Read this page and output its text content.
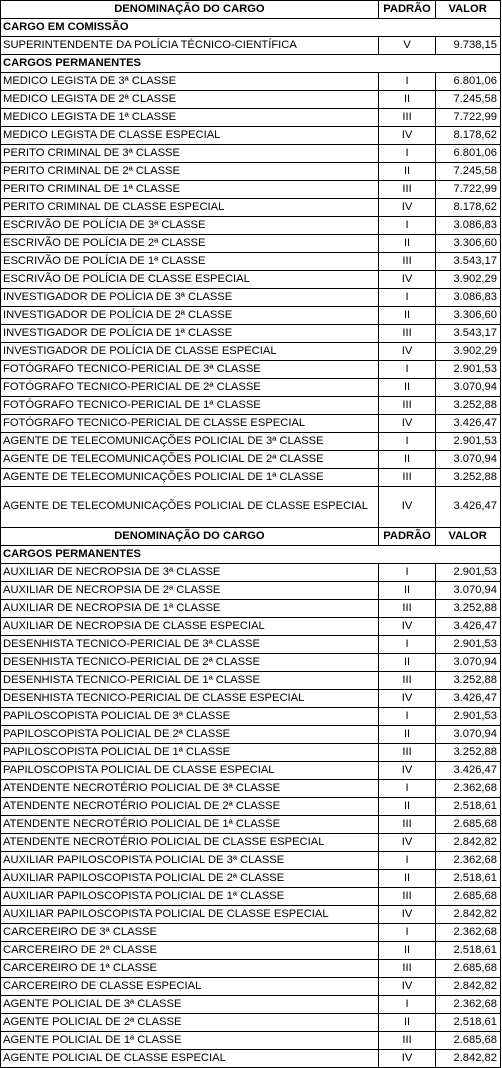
DENOMINAÇÃO DO CARGO	PADRÃO	VALOR
CARGO EM COMISSÃO		
SUPERINTENDENTE DA POLÍCIA TÉCNICO-CIENTÍFICA	V	9.738,15
CARGOS PERMANENTES		
MEDICO LEGISTA DE 3ª CLASSE	I	6.801,06
MEDICO LEGISTA DE 2ª CLASSE	II	7.245,58
MEDICO LEGISTA DE 1ª CLASSE	III	7.722,99
MEDICO LEGISTA DE CLASSE ESPECIAL	IV	8.178,62
PERITO CRIMINAL DE 3ª CLASSE	I	6.801,06
PERITO CRIMINAL DE 2ª CLASSE	II	7.245,58
PERITO CRIMINAL DE 1ª CLASSE	III	7.722,99
PERITO CRIMINAL DE CLASSE ESPECIAL	IV	8.178,62
ESCRIVÃO DE POLÍCIA DE 3ª CLASSE	I	3.086,83
ESCRIVÃO DE POLÍCIA DE 2ª CLASSE	II	3.306,60
ESCRIVÃO DE POLÍCIA DE 1ª CLASSE	III	3.543,17
ESCRIVÃO DE POLÍCIA DE CLASSE ESPECIAL	IV	3.902,29
INVESTIGADOR DE POLÍCIA DE 3ª CLASSE	I	3.086,83
INVESTIGADOR DE POLÍCIA DE 2ª CLASSE	II	3.306,60
INVESTIGADOR DE POLÍCIA DE 1ª CLASSE	III	3.543,17
INVESTIGADOR DE POLÍCIA DE CLASSE ESPECIAL	IV	3.902,29
FOTÓGRAFO TECNICO-PERICIAL DE 3ª CLASSE	I	2.901,53
FOTÓGRAFO TECNICO-PERICIAL DE 2ª CLASSE	II	3.070,94
FOTÓGRAFO TECNICO-PERICIAL DE 1ª CLASSE	III	3.252,88
FOTÓGRAFO TECNICO-PERICIAL DE CLASSE ESPECIAL	IV	3.426,47
AGENTE DE TELECOMUNICAÇÕES POLICIAL DE 3ª CLASSE	I	2.901,53
AGENTE DE TELECOMUNICAÇÕES POLICIAL DE 2ª CLASSE	II	3.070,94
AGENTE DE TELECOMUNICAÇÕES POLICIAL DE 1ª CLASSE	III	3.252,88
AGENTE DE TELECOMUNICAÇÕES POLICIAL DE CLASSE ESPECIAL	IV	3.426,47
DENOMINAÇÃO DO CARGO	PADRÃO	VALOR
CARGOS PERMANENTES		
AUXILIAR DE NECROPSIA DE 3ª CLASSE	I	2.901,53
AUXILIAR DE NECROPSIA DE 2ª CLASSE	II	3.070,94
AUXILIAR DE NECROPSIA DE 1ª CLASSE	III	3.252,88
AUXILIAR DE NECROPSIA DE CLASSE ESPECIAL	IV	3.426,47
DESENHISTA TECNICO-PERICIAL DE 3ª CLASSE	I	2.901,53
DESENHISTA TECNICO-PERICIAL DE 2ª CLASSE	II	3.070,94
DESENHISTA TECNICO-PERICIAL DE 1ª CLASSE	III	3.252,88
DESENHISTA TECNICO-PERICIAL DE CLASSE ESPECIAL	IV	3.426,47
PAPILOSCOPISTA POLICIAL DE 3ª CLASSE	I	2.901,53
PAPILOSCOPISTA POLICIAL DE 2ª CLASSE	II	3.070,94
PAPILOSCOPISTA POLICIAL DE 1ª CLASSE	III	3.252,88
PAPILOSCOPISTA POLICIAL DE CLASSE ESPECIAL	IV	3.426,47
ATENDENTE NECROTÉRIO POLICIAL DE 3ª CLASSE	I	2.362,68
ATENDENTE NECROTÉRIO POLICIAL DE 2ª CLASSE	II	2.518,61
ATENDENTE NECROTÉRIO POLICIAL DE 1ª CLASSE	III	2.685,68
ATENDENTE NECROTÉRIO POLICIAL DE CLASSE ESPECIAL	IV	2.842,82
AUXILIAR PAPILOSCOPISTA POLICIAL DE 3ª CLASSE	I	2.362,68
AUXILIAR PAPILOSCOPISTA POLICIAL DE 2ª CLASSE	II	2.518,61
AUXILIAR PAPILOSCOPISTA POLICIAL DE 1ª CLASSE	III	2.685,68
AUXILIAR PAPILOSCOPISTA POLICIAL DE CLASSE ESPECIAL	IV	2.842,82
CARCEREIRO DE 3ª CLASSE	I	2.362,68
CARCEREIRO DE 2ª CLASSE	II	2.518,61
CARCEREIRO DE 1ª CLASSE	III	2.685,68
CARCEREIRO DE CLASSE ESPECIAL	IV	2.842,82
AGENTE POLICIAL DE 3ª CLASSE	I	2.362,68
AGENTE POLICIAL DE 2ª CLASSE	II	2.518,61
AGENTE POLICIAL DE 1ª CLASSE	III	2.685,68
AGENTE POLICIAL DE CLASSE ESPECIAL	IV	2.842,82
